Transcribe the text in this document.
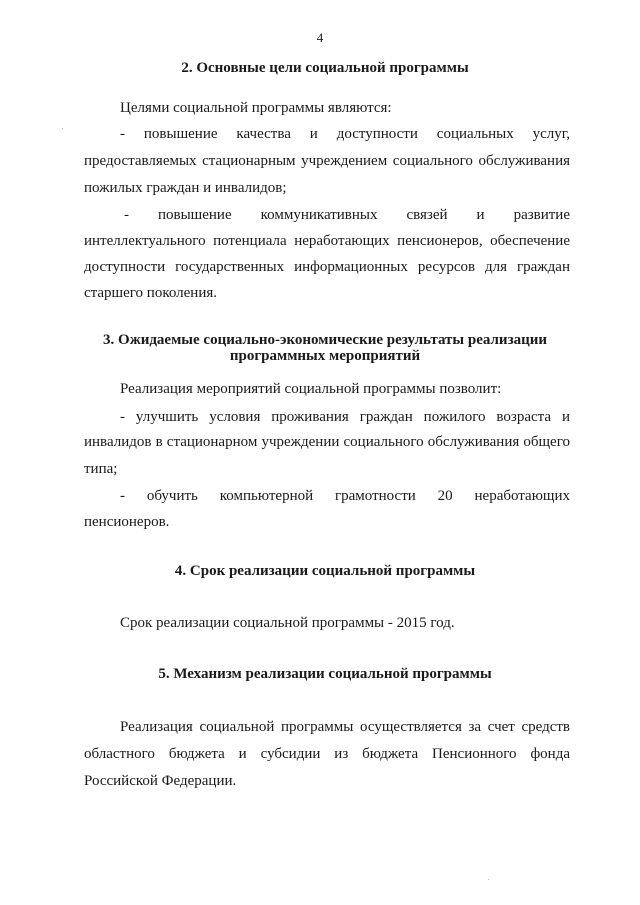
4
2. Основные цели социальной программы
Целями социальной программы являются:
- повышение качества и доступности социальных услуг,
предоставляемых стационарным учреждением социального обслуживания
пожилых граждан и инвалидов;
- повышение коммуникативных связей и развитие
интеллектуального потенциала неработающих пенсионеров, обеспечение
доступности государственных информационных ресурсов для граждан
старшего поколения.
3. Ожидаемые социально-экономические результаты реализации
программных мероприятий
Реализация мероприятий социальной программы позволит:
- улучшить условия проживания граждан пожилого возраста и
инвалидов в стационарном учреждении социального обслуживания общего
типа;
- обучить компьютерной грамотности 20 неработающих
пенсионеров.
4. Срок реализации социальной программы
Срок реализации социальной программы - 2015 год.
5. Механизм реализации социальной программы
Реализация социальной программы осуществляется за счет средств
областного бюджета и субсидии из бюджета Пенсионного фонда
Российской Федерации.
